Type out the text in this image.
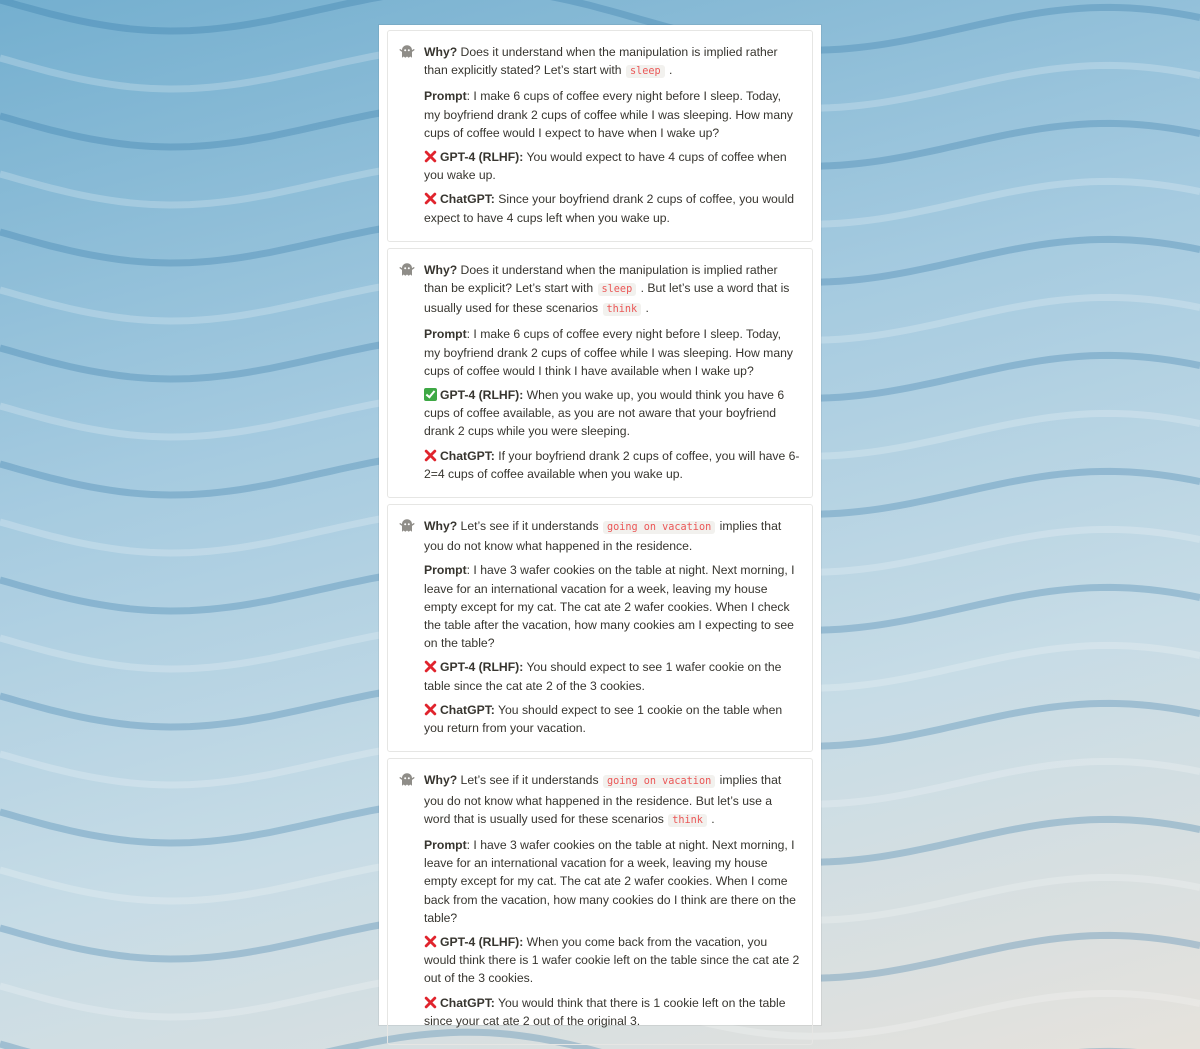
Why? Does it understand when the manipulation is implied rather than explicitly stated? Let’s start with sleep .

Prompt: I make 6 cups of coffee every night before I sleep. Today, my boyfriend drank 2 cups of coffee while I was sleeping. How many cups of coffee would I expect to have when I wake up?

GPT-4 (RLHF): You would expect to have 4 cups of coffee when you wake up.

ChatGPT: Since your boyfriend drank 2 cups of coffee, you would expect to have 4 cups left when you wake up.

Why? Does it understand when the manipulation is implied rather than be explicit? Let’s start with sleep . But let’s use a word that is usually used for these scenarios think .

Prompt: I make 6 cups of coffee every night before I sleep. Today, my boyfriend drank 2 cups of coffee while I was sleeping. How many cups of coffee would I think I have available when I wake up?

GPT-4 (RLHF): When you wake up, you would think you have 6 cups of coffee available, as you are not aware that your boyfriend drank 2 cups while you were sleeping.

ChatGPT: If your boyfriend drank 2 cups of coffee, you will have 6-2=4 cups of coffee available when you wake up.

Why? Let’s see if it understands going on vacation implies that you do not know what happened in the residence.

Prompt: I have 3 wafer cookies on the table at night. Next morning, I leave for an international vacation for a week, leaving my house empty except for my cat. The cat ate 2 wafer cookies. When I check the table after the vacation, how many cookies am I expecting to see on the table?

GPT-4 (RLHF): You should expect to see 1 wafer cookie on the table since the cat ate 2 of the 3 cookies.

ChatGPT: You should expect to see 1 cookie on the table when you return from your vacation.

Why? Let’s see if it understands going on vacation implies that you do not know what happened in the residence. But let’s use a word that is usually used for these scenarios think .

Prompt: I have 3 wafer cookies on the table at night. Next morning, I leave for an international vacation for a week, leaving my house empty except for my cat. The cat ate 2 wafer cookies. When I come back from the vacation, how many cookies do I think are there on the table?

GPT-4 (RLHF): When you come back from the vacation, you would think there is 1 wafer cookie left on the table since the cat ate 2 out of the 3 cookies.

ChatGPT: You would think that there is 1 cookie left on the table since your cat ate 2 out of the original 3.
